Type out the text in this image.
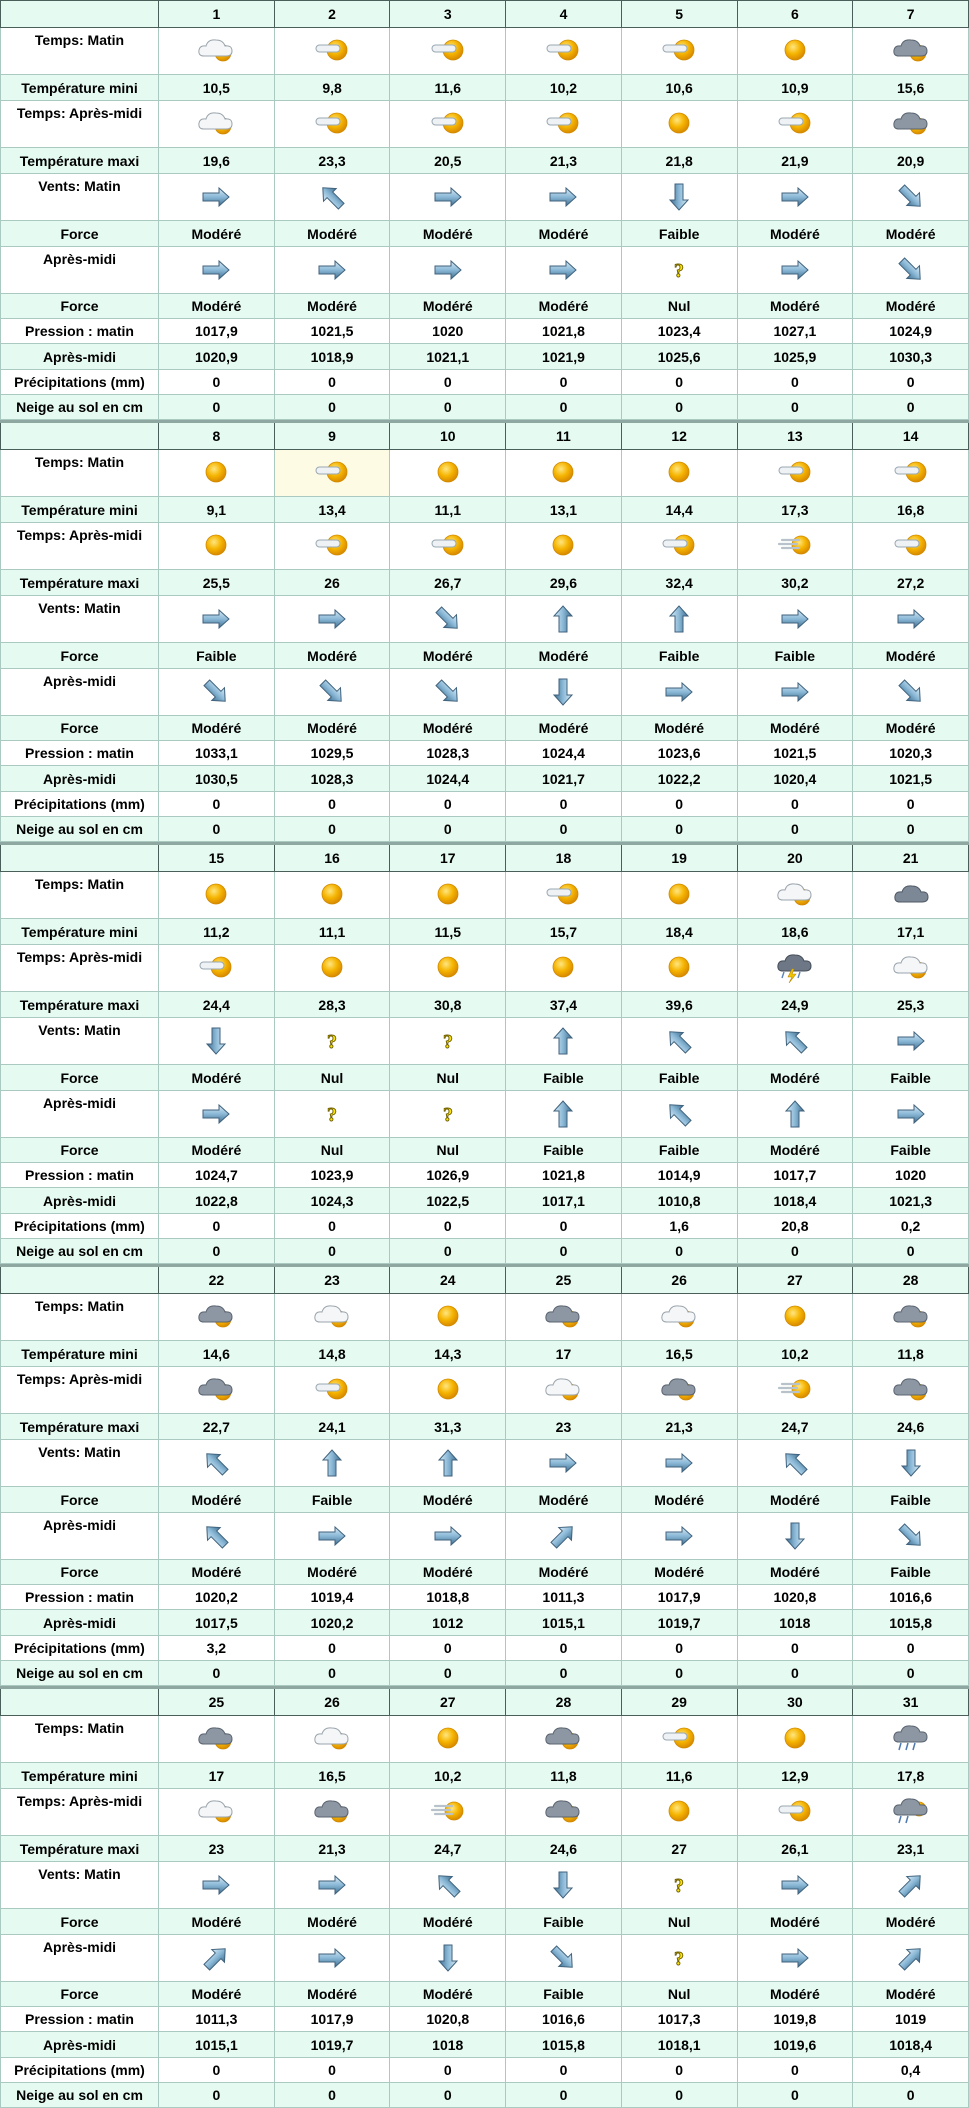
	1	2	3	4	5	6	7
Temps: Matin	

Température mini	10,5	9,8	11,6	10,2	10,6	10,9	15,6
Temps: Après-midi	

Température maxi	19,6	23,3	20,5	21,3	21,8	21,9	20,9
Vents: Matin	

Force	Modéré	Modéré	Modéré	Modéré	Faible	Modéré	Modéré
Après-midi					?

Force	Modéré	Modéré	Modéré	Modéré	Nul	Modéré	Modéré
Pression : matin	1017,9	1021,5	1020	1021,8	1023,4	1027,1	1024,9
Après-midi	1020,9	1018,9	1021,1	1021,9	1025,6	1025,9	1030,3
Précipitations (mm)	0	0	0	0	0	0	0
Neige au sol en cm	0	0	0	0	0	0	0
	8	9	10	11	12	13	14
Temps: Matin	

Température mini	9,1	13,4	11,1	13,1	14,4	17,3	16,8
Temps: Après-midi	

Température maxi	25,5	26	26,7	29,6	32,4	30,2	27,2
Vents: Matin	

Force	Faible	Modéré	Modéré	Modéré	Faible	Faible	Modéré
Après-midi	

Force	Modéré	Modéré	Modéré	Modéré	Modéré	Modéré	Modéré
Pression : matin	1033,1	1029,5	1028,3	1024,4	1023,6	1021,5	1020,3
Après-midi	1030,5	1028,3	1024,4	1021,7	1022,2	1020,4	1021,5
Précipitations (mm)	0	0	0	0	0	0	0
Neige au sol en cm	0	0	0	0	0	0	0
	15	16	17	18	19	20	21
Temps: Matin	

Température mini	11,2	11,1	11,5	15,7	18,4	18,6	17,1
Temps: Après-midi	

Température maxi	24,4	28,3	30,8	37,4	39,6	24,9	25,3
Vents: Matin		?	?

Force	Modéré	Nul	Nul	Faible	Faible	Modéré	Faible
Après-midi		?	?

Force	Modéré	Nul	Nul	Faible	Faible	Modéré	Faible
Pression : matin	1024,7	1023,9	1026,9	1021,8	1014,9	1017,7	1020
Après-midi	1022,8	1024,3	1022,5	1017,1	1010,8	1018,4	1021,3
Précipitations (mm)	0	0	0	0	1,6	20,8	0,2
Neige au sol en cm	0	0	0	0	0	0	0
	22	23	24	25	26	27	28
Temps: Matin	

Température mini	14,6	14,8	14,3	17	16,5	10,2	11,8
Temps: Après-midi	

Température maxi	22,7	24,1	31,3	23	21,3	24,7	24,6
Vents: Matin	

Force	Modéré	Faible	Modéré	Modéré	Modéré	Modéré	Faible
Après-midi	

Force	Modéré	Modéré	Modéré	Modéré	Modéré	Modéré	Faible
Pression : matin	1020,2	1019,4	1018,8	1011,3	1017,9	1020,8	1016,6
Après-midi	1017,5	1020,2	1012	1015,1	1019,7	1018	1015,8
Précipitations (mm)	3,2	0	0	0	0	0	0
Neige au sol en cm	0	0	0	0	0	0	0
	25	26	27	28	29	30	31
Temps: Matin	

Température mini	17	16,5	10,2	11,8	11,6	12,9	17,8
Temps: Après-midi	

Température maxi	23	21,3	24,7	24,6	27	26,1	23,1
Vents: Matin					?

Force	Modéré	Modéré	Modéré	Faible	Nul	Modéré	Modéré
Après-midi					?

Force	Modéré	Modéré	Modéré	Faible	Nul	Modéré	Modéré
Pression : matin	1011,3	1017,9	1020,8	1016,6	1017,3	1019,8	1019
Après-midi	1015,1	1019,7	1018	1015,8	1018,1	1019,6	1018,4
Précipitations (mm)	0	0	0	0	0	0	0,4
Neige au sol en cm	0	0	0	0	0	0	0
